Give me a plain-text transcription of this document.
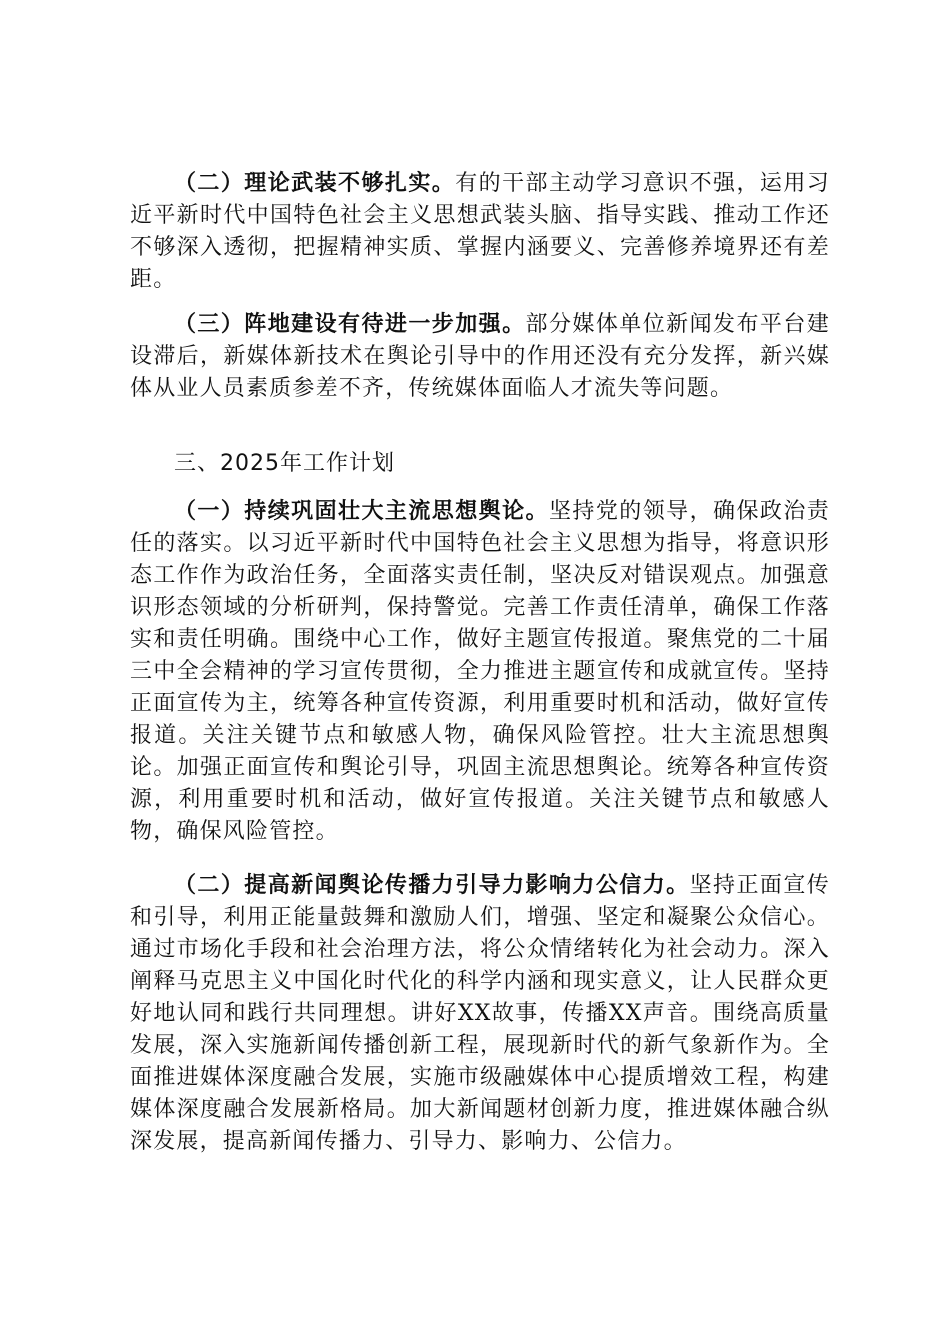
（二）理论武装不够扎实。有的干部主动学习意识不强，运用习近平新时代中国特色社会主义思想武装头脑、指导实践、推动工作还不够深入透彻，把握精神实质、掌握内涵要义、完善修养境界还有差距。

（三）阵地建设有待进一步加强。部分媒体单位新闻发布平台建设滞后，新媒体新技术在舆论引导中的作用还没有充分发挥，新兴媒体从业人员素质参差不齐，传统媒体面临人才流失等问题。

三、2025年工作计划

（一）持续巩固壮大主流思想舆论。坚持党的领导，确保政治责任的落实。以习近平新时代中国特色社会主义思想为指导，将意识形态工作作为政治任务，全面落实责任制，坚决反对错误观点。加强意识形态领域的分析研判，保持警觉。完善工作责任清单，确保工作落实和责任明确。围绕中心工作，做好主题宣传报道。聚焦党的二十届三中全会精神的学习宣传贯彻，全力推进主题宣传和成就宣传。坚持正面宣传为主，统筹各种宣传资源，利用重要时机和活动，做好宣传报道。关注关键节点和敏感人物，确保风险管控。壮大主流思想舆论。加强正面宣传和舆论引导，巩固主流思想舆论。统筹各种宣传资源，利用重要时机和活动，做好宣传报道。关注关键节点和敏感人物，确保风险管控。

（二）提高新闻舆论传播力引导力影响力公信力。坚持正面宣传和引导，利用正能量鼓舞和激励人们，增强、坚定和凝聚公众信心。通过市场化手段和社会治理方法，将公众情绪转化为社会动力。深入阐释马克思主义中国化时代化的科学内涵和现实意义，让人民群众更好地认同和践行共同理想。讲好XX故事，传播XX声音。围绕高质量发展，深入实施新闻传播创新工程，展现新时代的新气象新作为。全面推进媒体深度融合发展，实施市级融媒体中心提质增效工程，构建媒体深度融合发展新格局。加大新闻题材创新力度，推进媒体融合纵深发展，提高新闻传播力、引导力、影响力、公信力。
